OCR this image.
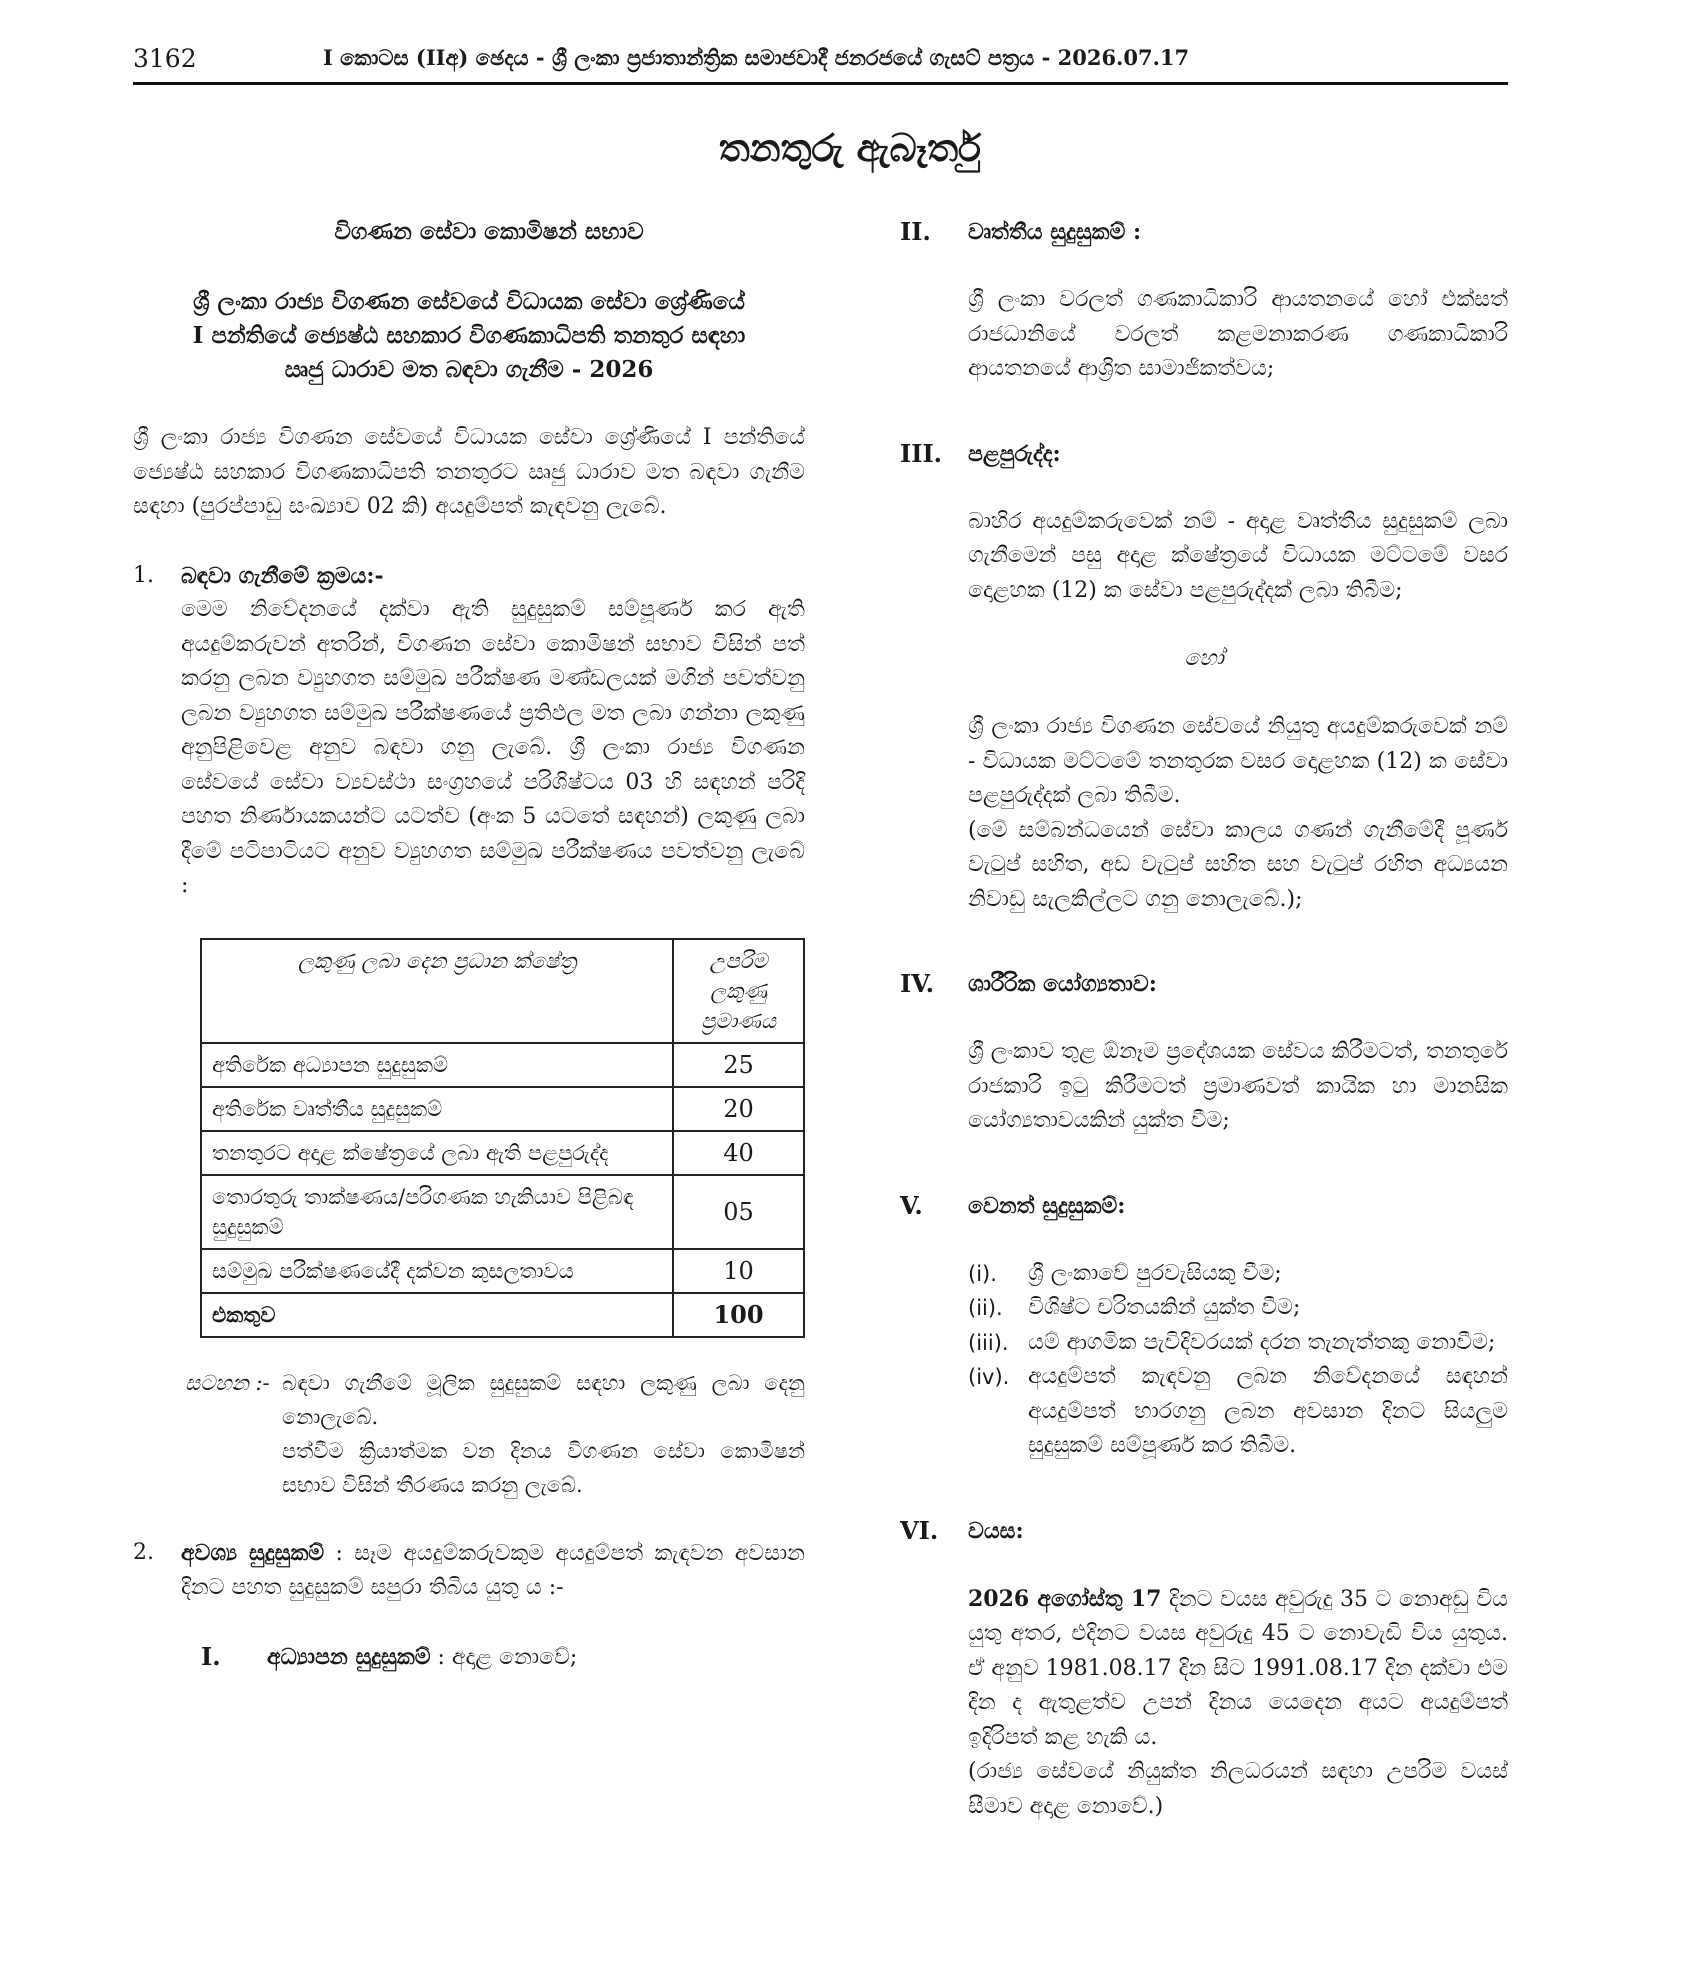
3162	I කොටස (IIඅ) ඡෙදය - ශ්‍රී ලංකා ප්‍රජාතාන්ත්‍රික සමාජවාදී ජනරජයේ ගැසට් පත්‍රය - 2026.07.17
තනතුරු ඇබෑර්තු

විගණන සේවා කොමිෂන් සභාව

ශ්‍රී ලංකා රාජ්‍ය විගණන සේවයේ විධායක සේවා ශ්‍රේණියේ

I පන්තියේ ජ්‍යෙෂ්ඨ සහකාර විගණකාධිපති තනතුර සඳහා

ඍජු ධාරාව මත බඳවා ගැනීම - 2026

ශ්‍රී ලංකා රාජ්‍ය විගණන සේවයේ විධායක සේවා ශ්‍රේණියේ I පන්තියේ ජ්‍යෙෂ්ඨ සහකාර විගණකාධිපති තනතුරට ඍජු ධාරාව මත බඳවා ගැනීම සඳහා (පුරප්පාඩු සංඛ්‍යාව 02 කි) අයදුම්පත් කැඳවනු ලැබේ.

1. බඳවා ගැනීමේ ක්‍රමය:-

මෙම නිවේදනයේ දක්වා ඇති සුදුසුකම් සම්පූර්ණ කර ඇති අයදුම්කරුවන් අතරින්, විගණන සේවා කොමිෂන් සභාව විසින් පත් කරනු ලබන ව්‍යුහගත සම්මුඛ පරීක්ෂණ මණ්ඩලයක් මගින් පවත්වනු ලබන ව්‍යුහගත සම්මුඛ පරීක්ෂණයේ ප්‍රතිඵල මත ලබා ගන්නා ලකුණු අනුපිළිවෙළ අනුව බඳවා ගනු ලැබේ. ශ්‍රී ලංකා රාජ්‍ය විගණන සේවයේ සේවා ව්‍යවස්ථා සංග්‍රහයේ පරිශිෂ්ටය 03 හි සඳහන් පරිදි පහත නිර්ණායකයන්ට යටත්ව (අංක 5 යටතේ සඳහන්) ලකුණු ලබා දීමේ පටිපාටියට අනුව ව්‍යුහගත සම්මුඛ පරීක්ෂණය පවත්වනු ලැබේ :

ලකුණු ලබා දෙන ප්‍රධාන ක්ෂේත්‍ර	උපරිම ලකුණු ප්‍රමාණය
අතිරේක අධ්‍යාපන සුදුසුකම්	25
අතිරේක වෘත්තීය සුදුසුකම්	20
තනතුරට අදාළ ක්ෂේත්‍රයේ ලබා ඇති පළපුරුද්ද	40
තොරතුරු තාක්ෂණය/පරිගණක හැකියාව පිළිබඳ සුදුසුකම්	05
සම්මුඛ පරීක්ෂණයේදී දක්වන කුසලතාවය	10
එකතුව	100
සටහන :- බඳවා ගැනීමේ මූලික සුදුසුකම් සඳහා ලකුණු ලබා දෙනු නොලැබේ.

පත්වීම ක්‍රියාත්මක වන දිනය විගණන සේවා කොමිෂන් සභාව විසින් තීරණය කරනු ලැබේ.

2. අවශ්‍ය සුදුසුකම් : සෑම අයදුම්කරුවකුම අයදුම්පත් කැඳවන අවසාන දිනට පහත සුදුසුකම් සපුරා තිබිය යුතු ය :-

I. අධ්‍යාපන සුදුසුකම් : අදාළ නොවේ;

II. වෘත්තීය සුදුසුකම් :

ශ්‍රී ලංකා වරලත් ගණකාධිකාරි ආයතනයේ හෝ එක්සත් රාජධානියේ වරලත් කළමනාකරණ ගණකාධිකාරි ආයතනයේ ආශ්‍රිත සාමාජිකත්වය;

III. පළපුරුද්ද:

බාහිර අයදුම්කරුවෙක් නම් - අදාළ වෘත්තීය සුදුසුකම් ලබා ගැනීමෙන් පසු අදාළ ක්ෂේත්‍රයේ විධායක මට්ටමේ වසර දොළහක (12) ක සේවා පළපුරුද්දක් ලබා තිබීම;

හෝ

ශ්‍රී ලංකා රාජ්‍ය විගණන සේවයේ නියුතු අයදුම්කරුවෙක් නම් - විධායක මට්ටමේ තනතුරක වසර දොළහක (12) ක සේවා පළපුරුද්දක් ලබා තිබීම.

(මේ සම්බන්ධයෙන් සේවා කාලය ගණන් ගැනීමේදී පූර්ණ වැටුප් සහිත, අඩ වැටුප් සහිත සහ වැටුප් රහිත අධ්‍යයන නිවාඩු සැලකිල්ලට ගනු නොලැබේ.);

IV. ශාරීරික යෝග්‍යතාව:

ශ්‍රී ලංකාව තුළ ඕනෑම ප්‍රදේශයක සේවය කිරීමටත්, තනතුරේ රාජකාරි ඉටු කිරීමටත් ප්‍රමාණවත් කායික හා මානසික යෝග්‍යතාවයකින් යුක්ත වීම;

V. වෙනත් සුදුසුකම්:

(i). ශ්‍රී ලංකාවේ පුරවැසියකු වීම;
(ii). විශිෂ්ට චරිතයකින් යුක්ත වීම;
(iii). යම් ආගමික පැවිදිවරයක් දරන තැනැත්තකු නොවීම;
(iv). අයදුම්පත් කැඳවනු ලබන නිවේදනයේ සඳහන් අයදුම්පත් භාරගනු ලබන අවසාන දිනට සියලුම සුදුසුකම් සම්පූර්ණ කර තිබීම.
VI. වයස:

2026 අගෝස්තු 17 දිනට වයස අවුරුදු 35 ට නොඅඩු විය යුතු අතර, එදිනට වයස අවුරුදු 45 ට නොවැඩි විය යුතුය. ඒ අනුව 1981.08.17 දින සිට 1991.08.17 දින දක්වා එම දින ද ඇතුළත්ව උපන් දිනය යෙදෙන අයට අයදුම්පත් ඉදිරිපත් කළ හැකි ය.

(රාජ්‍ය සේවයේ නියුක්ත නිලධරයන් සඳහා උපරිම වයස් සීමාව අදාළ නොවේ.)
